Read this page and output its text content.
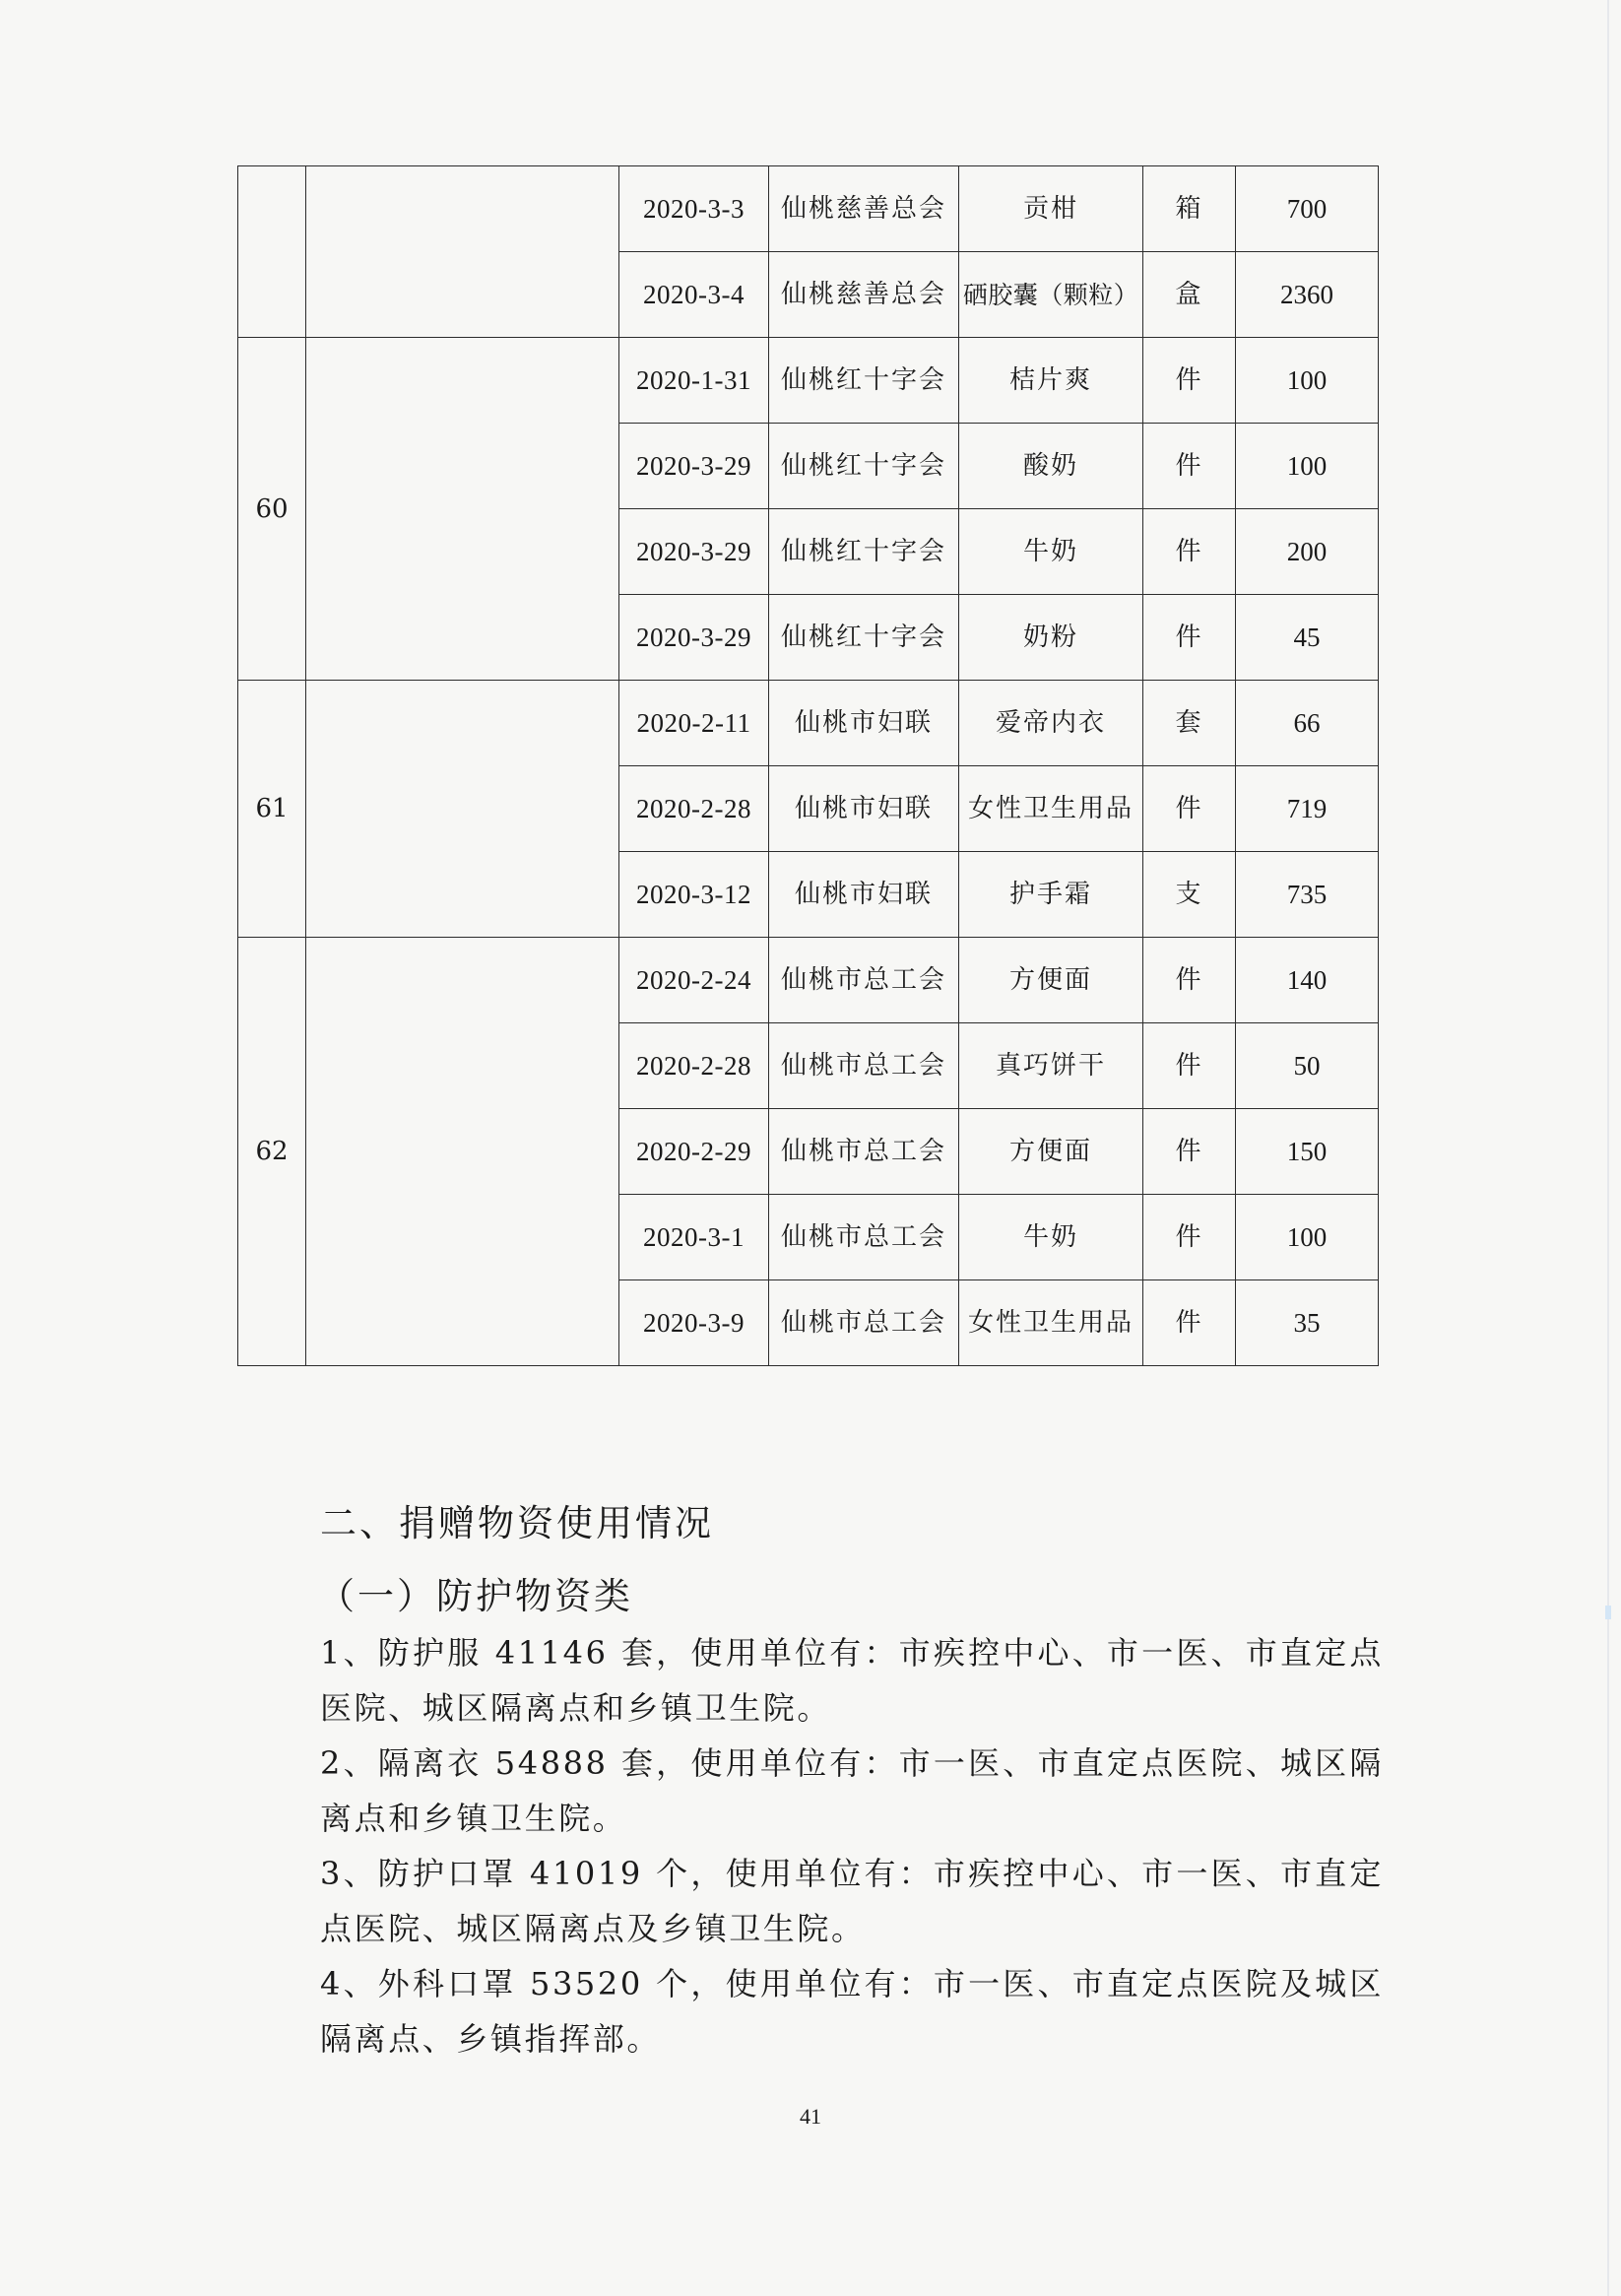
		2020-3-3	仙桃慈善总会	贡柑	箱	700
		2020-3-4	仙桃慈善总会	硒胶囊（颗粒）	盒	2360
60		2020-1-31	仙桃红十字会	桔片爽	件	100
		2020-3-29	仙桃红十字会	酸奶	件	100
		2020-3-29	仙桃红十字会	牛奶	件	200
		2020-3-29	仙桃红十字会	奶粉	件	45
61		2020-2-11	仙桃市妇联	爱帝内衣	套	66
		2020-2-28	仙桃市妇联	女性卫生用品	件	719
		2020-3-12	仙桃市妇联	护手霜	支	735
62		2020-2-24	仙桃市总工会	方便面	件	140
		2020-2-28	仙桃市总工会	真巧饼干	件	50
		2020-2-29	仙桃市总工会	方便面	件	150
		2020-3-1	仙桃市总工会	牛奶	件	100
		2020-3-9	仙桃市总工会	女性卫生用品	件	35
二、捐赠物资使用情况
（一）防护物资类

1、防护服 41146 套，使用单位有：市疾控中心、市一医、市直定点医院、城区隔离点和乡镇卫生院。

2、隔离衣 54888 套，使用单位有：市一医、市直定点医院、城区隔离点和乡镇卫生院。

3、防护口罩 41019 个，使用单位有：市疾控中心、市一医、市直定点医院、城区隔离点及乡镇卫生院。

4、外科口罩 53520 个，使用单位有：市一医、市直定点医院及城区隔离点、乡镇指挥部。

41
